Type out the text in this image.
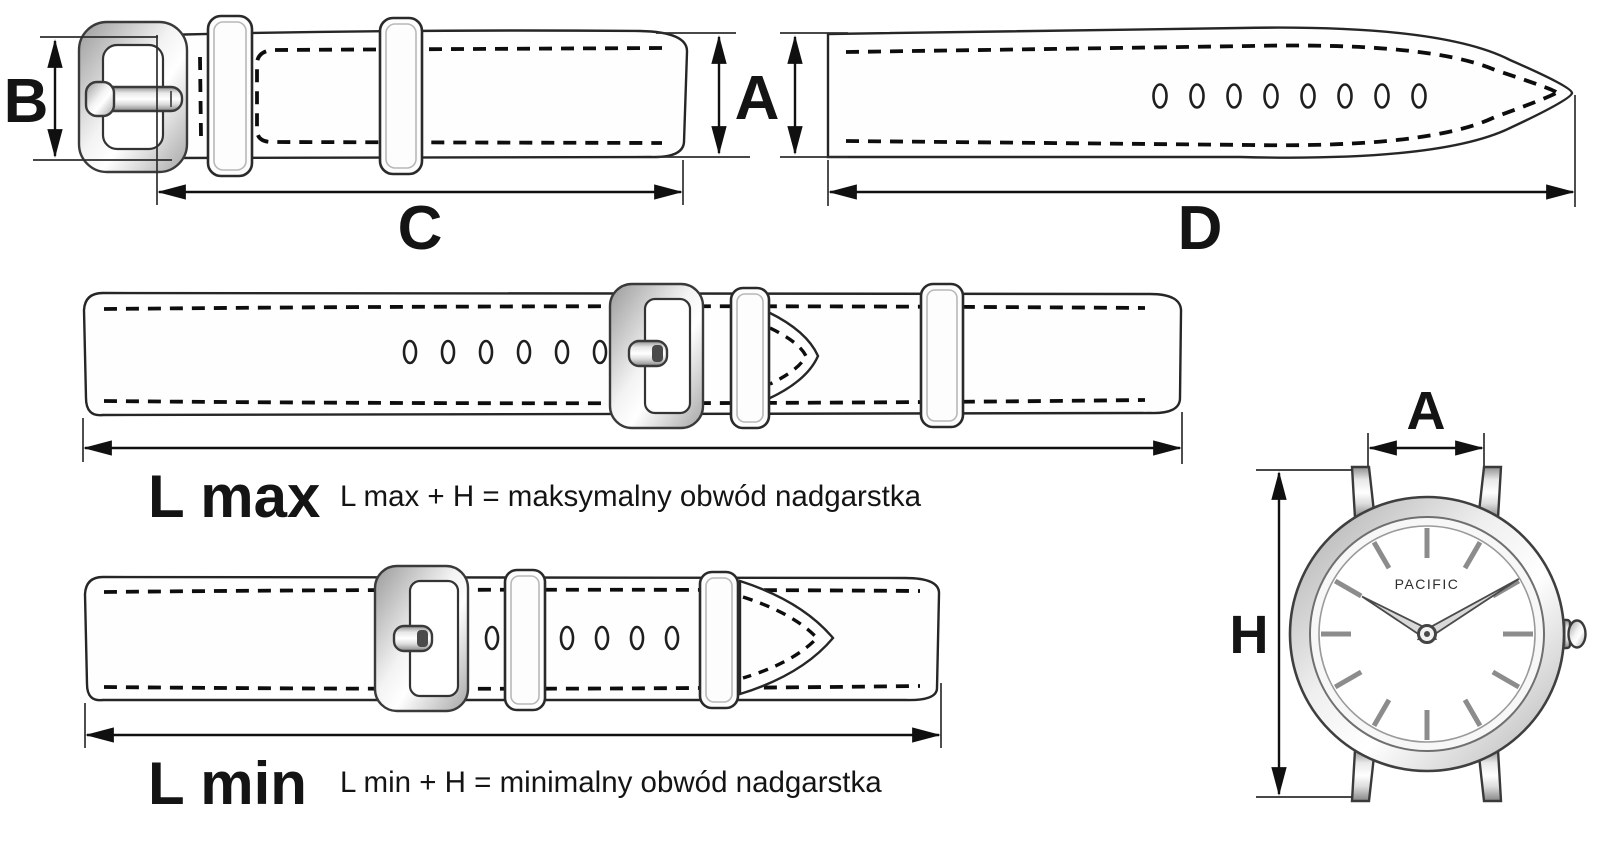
B
C
A
D
L max L max + H = maksymalny obwód nadgarstka
L min L min + H = minimalny obwód nadgarstka
PACIFIC
A
H
